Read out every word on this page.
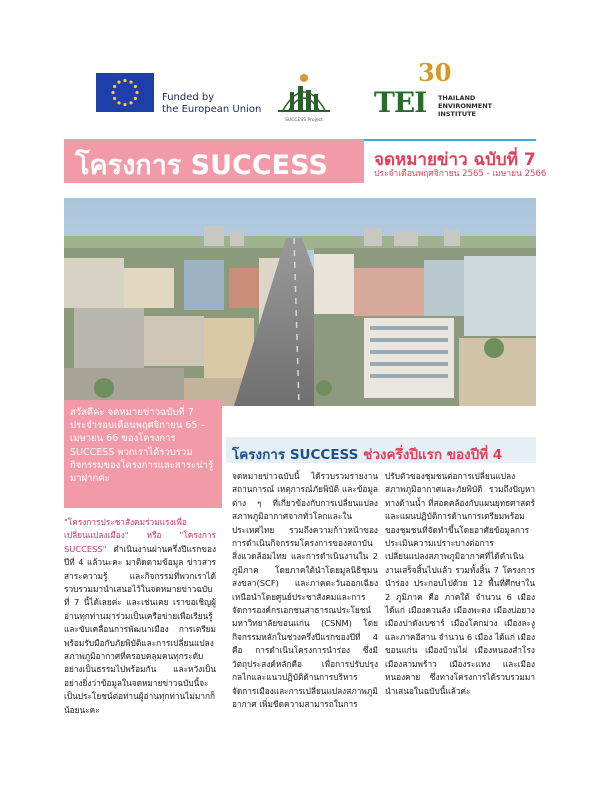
Funded by
the European Union
SUCCESS Project
30
TEI THAILAND
ENVIRONMENT
INSTITUTE
โครงการ SUCCESS	จดหมายข่าว ฉบับที่ 7
ประจำเดือนพฤศจิกายน 2565 - เมษายน 2566
สวัสดีค่ะ จดหมายข่าวฉบับที่ 7 ประจำรอบเดือนพฤศจิกายน 65 – เมษายน 66 ของโครงการ SUCCESS พวกเราได้รวบรวมกิจกรรมของโครงการและสาระน่ารู้มาฝากค่ะ
โครงการ SUCCESS ช่วงครึ่งปีแรก ของปีที่ 4
"โครงการประชาสังคมร่วมแรงเพื่อเปลี่ยนแปลงเมือง" หรือ "โครงการ SUCCESS" ดำเนินงานผ่านครึ่งปีแรกของปีที่ 4 แล้วนะคะ มาติดตามข้อมูล ข่าวสาร สาระความรู้ และกิจกรรมที่พวกเราได้รวบรวมมานำเสนอไว้ในจดหมายข่าวฉบับที่ 7 นี้ได้เลยค่ะ และเช่นเคย เราขอเชิญผู้อ่านทุกท่านมาร่วมเป็นเครือข่ายเพื่อเรียนรู้และขับเคลื่อนการพัฒนาเมือง การเตรียมพร้อมรับมือกับภัยพิบัติและการเปลี่ยนแปลงสภาพภูมิอากาศที่ครอบคลุมคนทุกระดับอย่างเป็นธรรมไปพร้อมกัน และหวังเป็นอย่างยิ่งว่าข้อมูลในจดหมายข่าวฉบับนี้จะเป็นประโยชน์ต่อท่านผู้อ่านทุกท่านไม่มากก็น้อยนะคะ
จดหมายข่าวฉบับนี้ ได้รวบรวมรายงานสถานการณ์ เหตุการณ์ภัยพิบัติ และข้อมูลต่าง ๆ ที่เกี่ยวข้องกับการเปลี่ยนแปลงสภาพภูมิอากาศจากทั่วโลกและในประเทศไทย รวมถึงความก้าวหน้าของการดำเนินกิจกรรมโครงการของสถาบันสิ่งแวดล้อมไทย และการดำเนินงานใน 2 ภูมิภาค โดยภาคใต้นำโดยมูลนิธิชุมนสงขลา(SCF) และภาคตะวันออกเฉียงเหนือนำโดยศูนย์ประชาสังคมและการจัดการองค์กรเอกชนสาธารณประโยชน์ มหาวิทยาลัยขอนแก่น (CSNM) โดยกิจกรรมหลักในช่วงครึ่งปีแรกของปีที่ 4 คือ การดำเนินโครงการนำร่อง ซึ่งมีวัตถุประสงค์หลักคือ เพื่อการปรับปรุงกลไกและแนวปฏิบัติด้านการบริหารจัดการเมืองและการเปลี่ยนแปลงสภาพภูมิอากาศ เพิ่มขีดความสามารถในการ
ปรับตัวของชุมชนต่อการเปลี่ยนแปลงสภาพภูมิอากาศและภัยพิบัติ รวมถึงปัญหาทางด้านน้ำ ที่สอดคล้องกับแผนยุทธศาสตร์และแผนปฏิบัติการด้านการเตรียมพร้อมของชุมชนที่จัดทำขึ้นโดยอาศัยข้อมูลการประเมินความเปราะบางต่อการเปลี่ยนแปลงสภาพภูมิอากาศที่ได้ดำเนินงานเสร็จสิ้นไปแล้ว รวมทั้งสิ้น 7 โครงการนำร่อง ประกอบไปด้วย 12 พื้นที่ศึกษาใน 2 ภูมิภาค คือ ภาคใต้ จำนวน 6 เมือง ได้แก่ เมืองควนลัง เมืองพะตง เมืองบ่อยาง เมืองปาดังเบซาร์ เมืองโคกม่วง เมืองละงู และภาคอีสาน จำนวน 6 เมือง ได้แก่ เมืองขอนแก่น เมืองบ้านไผ่ เมืองหนองสำโรง เมืองสามพร้าว เมืองระแหง และเมืองหนองคาย ซึ่งทางโครงการได้รวบรวมมานำเสนอในฉบับนี้แล้วค่ะ
